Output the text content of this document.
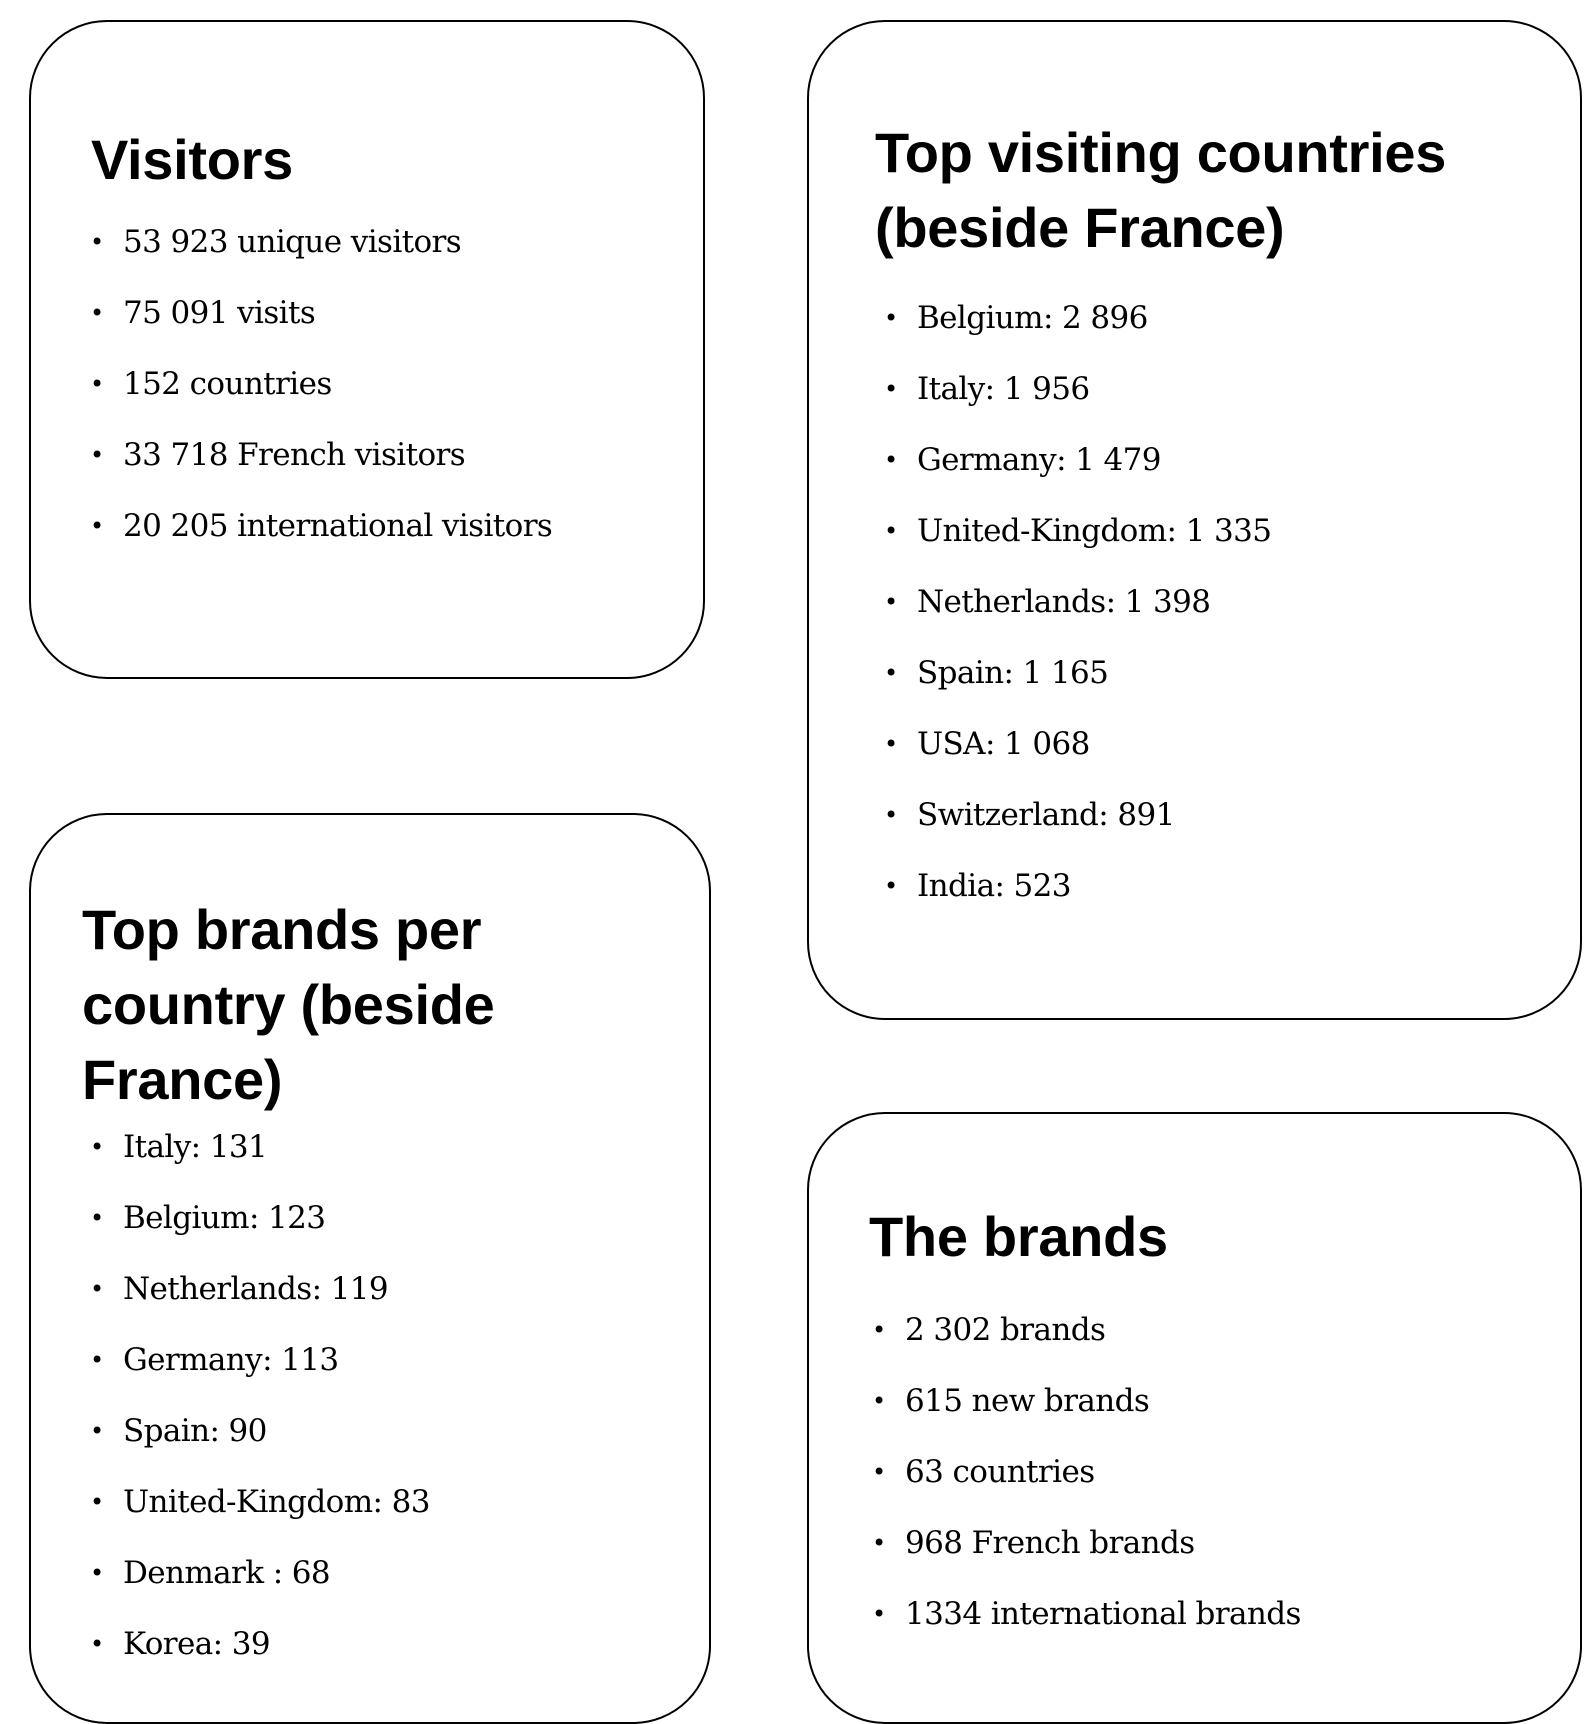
Visitors
• 53 923 unique visitors
• 75 091 visits
• 152 countries
• 33 718 French visitors
• 20 205 international visitors
Top visiting countries
(beside France)
• Belgium: 2 896
• Italy: 1 956
• Germany: 1 479
• United-Kingdom: 1 335
• Netherlands: 1 398
• Spain: 1 165
• USA: 1 068
• Switzerland: 891
• India: 523
Top brands per
country (beside
France)
• Italy: 131
• Belgium: 123
• Netherlands: 119
• Germany: 113
• Spain: 90
• United-Kingdom: 83
• Denmark : 68
• Korea: 39
The brands
• 2 302 brands
• 615 new brands
• 63 countries
• 968 French brands
• 1334 international brands
